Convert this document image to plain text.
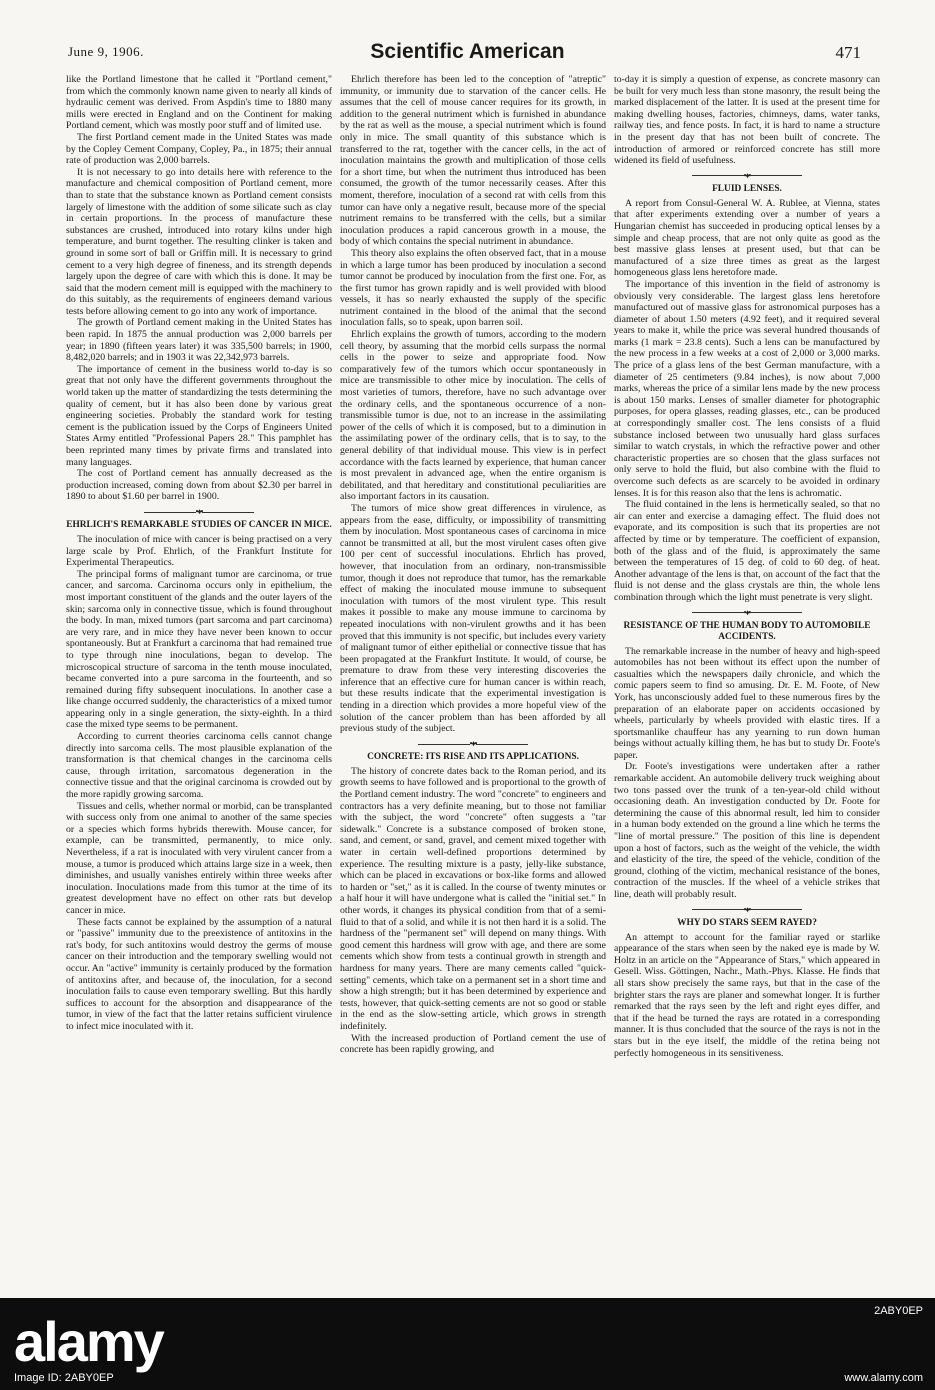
June 9, 1906.	Scientific American	471

like the Portland limestone that he called it "Portland cement," from which the commonly known name given to nearly all kinds of hydraulic cement was derived. From Aspdin's time to 1880 many mills were erected in England and on the Continent for making Portland cement, which was mostly poor stuff and of limited use.

The first Portland cement made in the United States was made by the Copley Cement Company, Copley, Pa., in 1875; their annual rate of production was 2,000 barrels.

It is not necessary to go into details here with reference to the manufacture and chemical composition of Portland cement, more than to state that the substance known as Portland cement consists largely of limestone with the addition of some silicate such as clay in certain proportions. In the process of manufacture these substances are crushed, introduced into rotary kilns under high temperature, and burnt together. The resulting clinker is taken and ground in some sort of ball or Griffin mill. It is necessary to grind cement to a very high degree of fineness, and its strength depends largely upon the degree of care with which this is done. It may be said that the modern cement mill is equipped with the machinery to do this suitably, as the requirements of engineers demand various tests before allowing cement to go into any work of importance.

The growth of Portland cement making in the United States has been rapid. In 1875 the annual production was 2,000 barrels per year; in 1890 (fifteen years later) it was 335,500 barrels; in 1900, 8,482,020 barrels; and in 1903 it was 22,342,973 barrels.

The importance of cement in the business world to-day is so great that not only have the different governments throughout the world taken up the matter of standardizing the tests determining the quality of cement, but it has also been done by various great engineering societies. Probably the standard work for testing cement is the publication issued by the Corps of Engineers United States Army entitled "Professional Papers 28." This pamphlet has been reprinted many times by private firms and translated into many languages.

The cost of Portland cement has annually decreased as the production increased, coming down from about $2.30 per barrel in 1890 to about $1.60 per barrel in 1900.

•♦•
EHRLICH'S REMARKABLE STUDIES OF CANCER IN MICE.

The inoculation of mice with cancer is being practised on a very large scale by Prof. Ehrlich, of the Frankfurt Institute for Experimental Therapeutics.

The principal forms of malignant tumor are carcinoma, or true cancer, and sarcoma. Carcinoma occurs only in epithelium, the most important constituent of the glands and the outer layers of the skin; sarcoma only in connective tissue, which is found throughout the body. In man, mixed tumors (part sarcoma and part carcinoma) are very rare, and in mice they have never been known to occur spontaneously. But at Frankfurt a carcinoma that had remained true to type through nine inoculations, began to develop. The microscopical structure of sarcoma in the tenth mouse inoculated, became converted into a pure sarcoma in the fourteenth, and so remained during fifty subsequent inoculations. In another case a like change occurred suddenly, the characteristics of a mixed tumor appearing only in a single generation, the sixty-eighth. In a third case the mixed type seems to be permanent.

According to current theories carcinoma cells cannot change directly into sarcoma cells. The most plausible explanation of the transformation is that chemical changes in the carcinoma cells cause, through irritation, sarcomatous degeneration in the connective tissue and that the original carcinoma is crowded out by the more rapidly growing sarcoma.

Tissues and cells, whether normal or morbid, can be transplanted with success only from one animal to another of the same species or a species which forms hybrids therewith. Mouse cancer, for example, can be transmitted, permanently, to mice only. Nevertheless, if a rat is inoculated with very virulent cancer from a mouse, a tumor is produced which attains large size in a week, then diminishes, and usually vanishes entirely within three weeks after inoculation. Inoculations made from this tumor at the time of its greatest development have no effect on other rats but develop cancer in mice.

These facts cannot be explained by the assumption of a natural or "passive" immunity due to the preexistence of antitoxins in the rat's body, for such antitoxins would destroy the germs of mouse cancer on their introduction and the temporary swelling would not occur. An "active" immunity is certainly produced by the formation of antitoxins after, and because of, the inoculation, for a second inoculation fails to cause even temporary swelling. But this hardly suffices to account for the absorption and disappearance of the tumor, in view of the fact that the latter retains sufficient virulence to infect mice inoculated with it.

Ehrlich therefore has been led to the conception of "atreptic" immunity, or immunity due to starvation of the cancer cells. He assumes that the cell of mouse cancer requires for its growth, in addition to the general nutriment which is furnished in abundance by the rat as well as the mouse, a special nutriment which is found only in mice. The small quantity of this substance which is transferred to the rat, together with the cancer cells, in the act of inoculation maintains the growth and multiplication of those cells for a short time, but when the nutriment thus introduced has been consumed, the growth of the tumor necessarily ceases. After this moment, therefore, inoculation of a second rat with cells from this tumor can have only a negative result, because more of the special nutriment remains to be transferred with the cells, but a similar inoculation produces a rapid cancerous growth in a mouse, the body of which contains the special nutriment in abundance.

This theory also explains the often observed fact, that in a mouse in which a large tumor has been produced by inoculation a second tumor cannot be produced by inoculation from the first one. For, as the first tumor has grown rapidly and is well provided with blood vessels, it has so nearly exhausted the supply of the specific nutriment contained in the blood of the animal that the second inoculation falls, so to speak, upon barren soil.

Ehrlich explains the growth of tumors, according to the modern cell theory, by assuming that the morbid cells surpass the normal cells in the power to seize and appropriate food. Now comparatively few of the tumors which occur spontaneously in mice are transmissible to other mice by inoculation. The cells of most varieties of tumors, therefore, have no such advantage over the ordinary cells, and the spontaneous occurrence of a non-transmissible tumor is due, not to an increase in the assimilating power of the cells of which it is composed, but to a diminution in the assimilating power of the ordinary cells, that is to say, to the general debility of that individual mouse. This view is in perfect accordance with the facts learned by experience, that human cancer is most prevalent in advanced age, when the entire organism is debilitated, and that hereditary and constitutional peculiarities are also important factors in its causation.

The tumors of mice show great differences in virulence, as appears from the ease, difficulty, or impossibility of transmitting them by inoculation. Most spontaneous cases of carcinoma in mice cannot be transmitted at all, but the most virulent cases often give 100 per cent of successful inoculations. Ehrlich has proved, however, that inoculation from an ordinary, non-transmissible tumor, though it does not reproduce that tumor, has the remarkable effect of making the inoculated mouse immune to subsequent inoculation with tumors of the most virulent type. This result makes it possible to make any mouse immune to carcinoma by repeated inoculations with non-virulent growths and it has been proved that this immunity is not specific, but includes every variety of malignant tumor of either epithelial or connective tissue that has been propagated at the Frankfurt Institute. It would, of course, be premature to draw from these very interesting discoveries the inference that an effective cure for human cancer is within reach, but these results indicate that the experimental investigation is tending in a direction which provides a more hopeful view of the solution of the cancer problem than has been afforded by all previous study of the subject.

•♦•
CONCRETE: ITS RISE AND ITS APPLICATIONS.

The history of concrete dates back to the Roman period, and its growth seems to have followed and is proportional to the growth of the Portland cement industry. The word "concrete" to engineers and contractors has a very definite meaning, but to those not familiar with the subject, the word "concrete" often suggests a "tar sidewalk." Concrete is a substance composed of broken stone, sand, and cement, or sand, gravel, and cement mixed together with water in certain well-defined proportions determined by experience. The resulting mixture is a pasty, jelly-like substance, which can be placed in excavations or box-like forms and allowed to harden or "set," as it is called. In the course of twenty minutes or a half hour it will have undergone what is called the "initial set." In other words, it changes its physical condition from that of a semi-fluid to that of a solid, and while it is not then hard it is a solid. The hardness of the "permanent set" will depend on many things. With good cement this hardness will grow with age, and there are some cements which show from tests a continual growth in strength and hardness for many years. There are many cements called "quick-setting" cements, which take on a permanent set in a short time and show a high strength; but it has been determined by experience and tests, however, that quick-setting cements are not so good or stable in the end as the slow-setting article, which grows in strength indefinitely.

With the increased production of Portland cement the use of concrete has been rapidly growing, and

to-day it is simply a question of expense, as concrete masonry can be built for very much less than stone masonry, the result being the marked displacement of the latter. It is used at the present time for making dwelling houses, factories, chimneys, dams, water tanks, railway ties, and fence posts. In fact, it is hard to name a structure in the present day that has not been built of concrete. The introduction of armored or reinforced concrete has still more widened its field of usefulness.

•♦•
FLUID LENSES.

A report from Consul-General W. A. Rublee, at Vienna, states that after experiments extending over a number of years a Hungarian chemist has succeeded in producing optical lenses by a simple and cheap process, that are not only quite as good as the best massive glass lenses at present used, but that can be manufactured of a size three times as great as the largest homogeneous glass lens heretofore made.

The importance of this invention in the field of astronomy is obviously very considerable. The largest glass lens heretofore manufactured out of massive glass for astronomical purposes has a diameter of about 1.50 meters (4.92 feet), and it required several years to make it, while the price was several hundred thousands of marks (1 mark = 23.8 cents). Such a lens can be manufactured by the new process in a few weeks at a cost of 2,000 or 3,000 marks. The price of a glass lens of the best German manufacture, with a diameter of 25 centimeters (9.84 inches), is now about 7,000 marks, whereas the price of a similar lens made by the new process is about 150 marks. Lenses of smaller diameter for photographic purposes, for opera glasses, reading glasses, etc., can be produced at correspondingly smaller cost. The lens consists of a fluid substance inclosed between two unusually hard glass surfaces similar to watch crystals, in which the refractive power and other characteristic properties are so chosen that the glass surfaces not only serve to hold the fluid, but also combine with the fluid to overcome such defects as are scarcely to be avoided in ordinary lenses. It is for this reason also that the lens is achromatic.

The fluid contained in the lens is hermetically sealed, so that no air can enter and exercise a damaging effect. The fluid does not evaporate, and its composition is such that its properties are not affected by time or by temperature. The coefficient of expansion, both of the glass and of the fluid, is approximately the same between the temperatures of 15 deg. of cold to 60 deg. of heat. Another advantage of the lens is that, on account of the fact that the fluid is not dense and the glass crystals are thin, the whole lens combination through which the light must penetrate is very slight.

•♦•
RESISTANCE OF THE HUMAN BODY TO AUTOMOBILE ACCIDENTS.

The remarkable increase in the number of heavy and high-speed automobiles has not been without its effect upon the number of casualties which the newspapers daily chronicle, and which the comic papers seem to find so amusing. Dr. E. M. Foote, of New York, has unconsciously added fuel to these numerous fires by the preparation of an elaborate paper on accidents occasioned by wheels, particularly by wheels provided with elastic tires. If a sportsmanlike chauffeur has any yearning to run down human beings without actually killing them, he has but to study Dr. Foote's paper.

Dr. Foote's investigations were undertaken after a rather remarkable accident. An automobile delivery truck weighing about two tons passed over the trunk of a ten-year-old child without occasioning death. An investigation conducted by Dr. Foote for determining the cause of this abnormal result, led him to consider in a human body extended on the ground a line which he terms the "line of mortal pressure." The position of this line is dependent upon a host of factors, such as the weight of the vehicle, the width and elasticity of the tire, the speed of the vehicle, condition of the ground, clothing of the victim, mechanical resistance of the bones, contraction of the muscles. If the wheel of a vehicle strikes that line, death will probably result.

•♦•
WHY DO STARS SEEM RAYED?

An attempt to account for the familiar rayed or starlike appearance of the stars when seen by the naked eye is made by W. Holtz in an article on the "Appearance of Stars," which appeared in Gesell. Wiss. Göttingen, Nachr., Math.-Phys. Klasse. He finds that all stars show precisely the same rays, but that in the case of the brighter stars the rays are planer and somewhat longer. It is further remarked that the rays seen by the left and right eyes differ, and that if the head be turned the rays are rotated in a corresponding manner. It is thus concluded that the source of the rays is not in the stars but in the eye itself, the middle of the retina being not perfectly homogeneous in its sensitiveness.

alamy	2ABY0EP
Image ID: 2ABY0EP	www.alamy.com
